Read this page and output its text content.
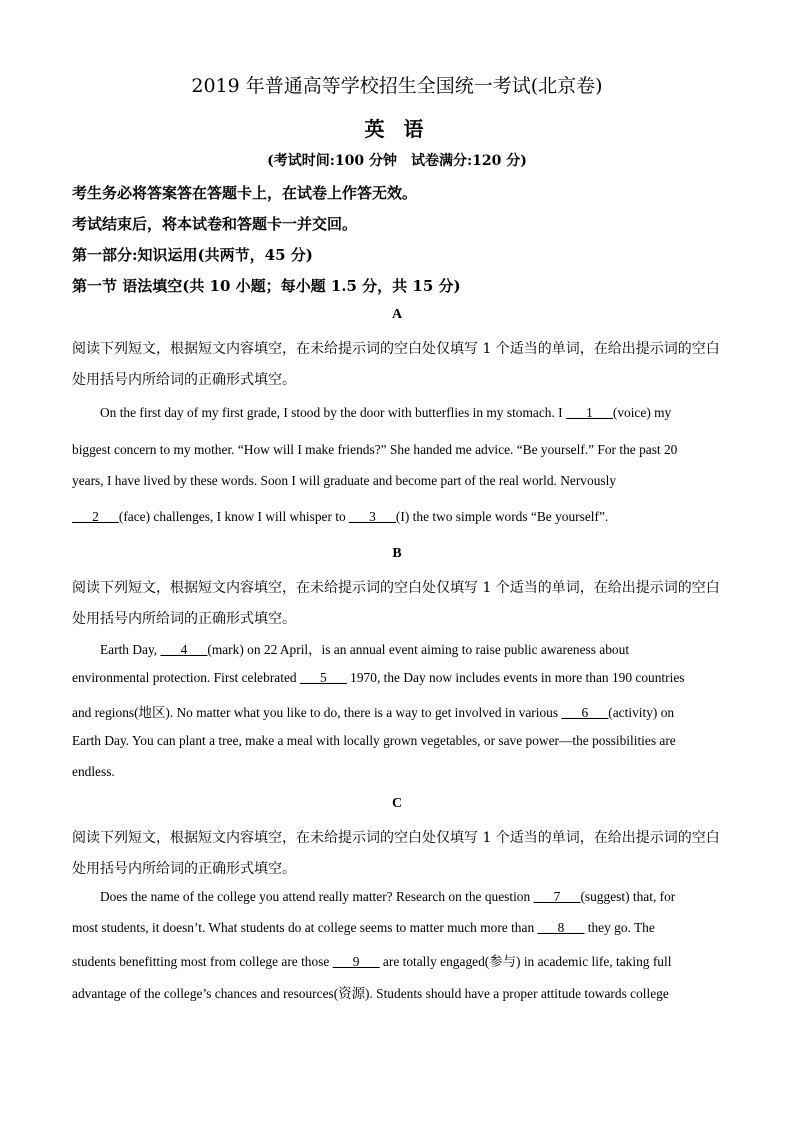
2019 年普通高等学校招生全国统一考试(北京卷)
英 语
(考试时间:100 分钟　试卷满分:120 分)
考生务必将答案答在答题卡上，在试卷上作答无效。
考试结束后，将本试卷和答题卡一并交回。
第一部分:知识运用(共两节，45 分)
第一节 语法填空(共 10 小题；每小题 1.5 分，共 15 分)
A
阅读下列短文，根据短文内容填空，在未给提示词的空白处仅填写 1 个适当的单词，在给出提示词的空白
处用括号内所给词的正确形式填空。
On the first day of my first grade, I stood by the door with butterflies in my stomach. I ___1___(voice) my
biggest concern to my mother. “How will I make friends?” She handed me advice. “Be yourself.” For the past 20
years, I have lived by these words. Soon I will graduate and become part of the real world. Nervously
___2___(face) challenges, I know I will whisper to ___3___(I) the two simple words “Be yourself”.
B
阅读下列短文，根据短文内容填空，在未给提示词的空白处仅填写 1 个适当的单词，在给出提示词的空白
处用括号内所给词的正确形式填空。
Earth Day, ___4___(mark) on 22 April，is an annual event aiming to raise public awareness about
environmental protection. First celebrated ___5___ 1970, the Day now includes events in more than 190 countries
and regions(地区). No matter what you like to do, there is a way to get involved in various ___6___(activity) on
Earth Day. You can plant a tree, make a meal with locally grown vegetables, or save power—the possibilities are
endless.
C
阅读下列短文，根据短文内容填空，在未给提示词的空白处仅填写 1 个适当的单词，在给出提示词的空白
处用括号内所给词的正确形式填空。
Does the name of the college you attend really matter? Research on the question ___7___(suggest) that, for
most students, it doesn’t. What students do at college seems to matter much more than ___8___ they go. The
students benefitting most from college are those ___9___ are totally engaged(参与) in academic life, taking full
advantage of the college’s chances and resources(资源). Students should have a proper attitude towards college
